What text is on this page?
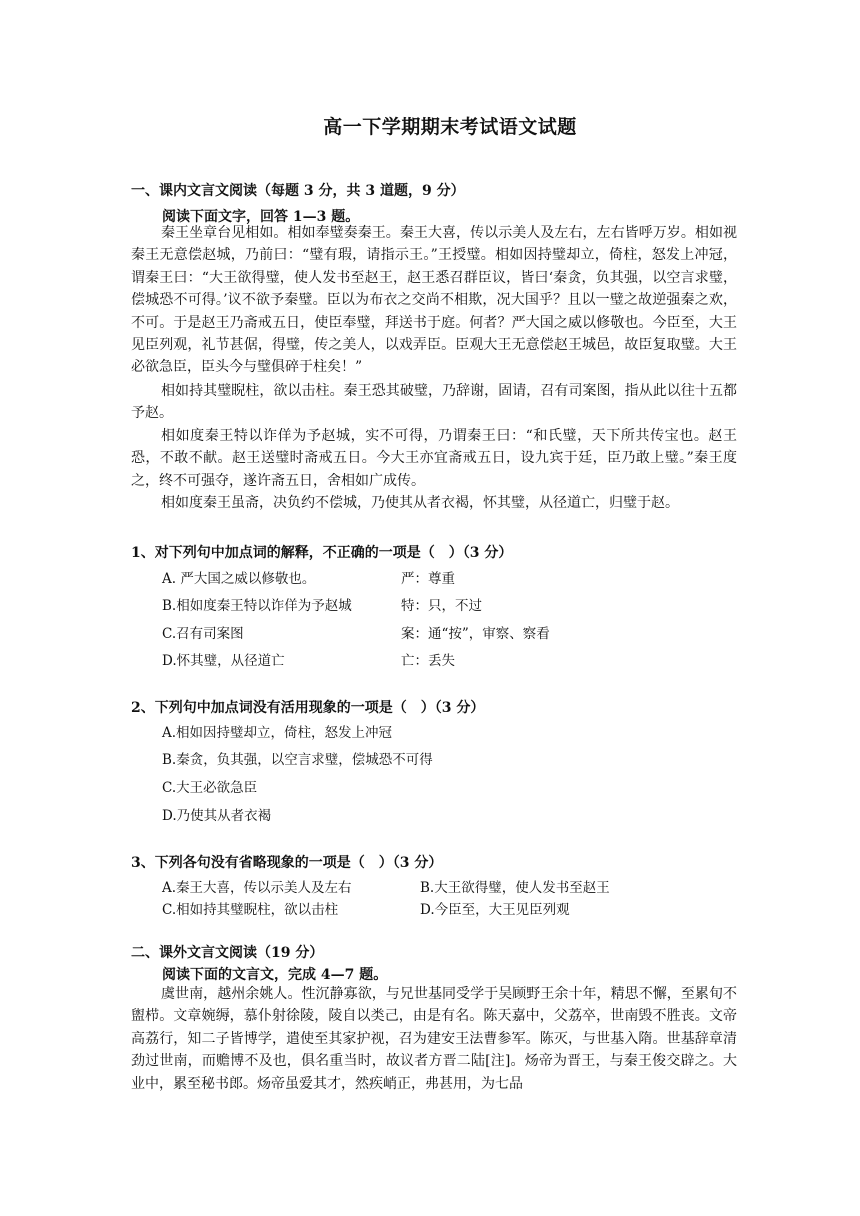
高一下学期期末考试语文试题
一、课内文言文阅读（每题 3 分，共 3 道题，9 分）
阅读下面文字，回答 1—3 题。

秦王坐章台见相如。相如奉璧奏秦王。秦王大喜，传以示美人及左右，左右皆呼万岁。相如视秦王无意偿赵城，乃前曰：“璧有瑕，请指示王。”王授璧。相如因持璧却立，倚柱，怒发上冲冠，谓秦王曰：“大王欲得璧，使人发书至赵王，赵王悉召群臣议，皆曰‘秦贪，负其强，以空言求璧，偿城恐不可得。’议不欲予秦璧。臣以为布衣之交尚不相欺，况大国乎？且以一璧之故逆强秦之欢，不可。于是赵王乃斋戒五日，使臣奉璧，拜送书于庭。何者？严大国之威以修敬也。今臣至，大王见臣列观，礼节甚倨，得璧，传之美人，以戏弄臣。臣观大王无意偿赵王城邑，故臣复取璧。大王必欲急臣，臣头今与璧俱碎于柱矣！”

相如持其璧睨柱，欲以击柱。秦王恐其破璧，乃辞谢，固请，召有司案图，指从此以往十五都予赵。

相如度秦王特以诈佯为予赵城，实不可得，乃谓秦王曰：“和氏璧，天下所共传宝也。赵王恐，不敢不献。赵王送璧时斋戒五日。今大王亦宜斋戒五日，设九宾于廷，臣乃敢上璧。”秦王度之，终不可强夺，遂许斋五日，舍相如广成传。

相如度秦王虽斋，决负约不偿城，乃使其从者衣褐，怀其璧，从径道亡，归璧于赵。

1、对下列句中加点词的解释，不正确的一项是（　）（3 分）
A. 严大国之威以修敬也。	严：尊重
B.相如度秦王特以诈佯为予赵城	特：只，不过
C.召有司案图	案：通“按”，审察、察看
D.怀其璧，从径道亡	亡：丢失
2、下列句中加点词没有活用现象的一项是（　）（3 分）
A.相如因持璧却立，倚柱，怒发上冲冠
B.秦贪，负其强，以空言求璧，偿城恐不可得
C.大王必欲急臣
D.乃使其从者衣褐
3、下列各句没有省略现象的一项是（　）（3 分）
A.秦王大喜，传以示美人及左右	B.大王欲得璧，使人发书至赵王
C.相如持其璧睨柱，欲以击柱	D.今臣至，大王见臣列观
二、课外文言文阅读（19 分）
阅读下面的文言文，完成 4—7 题。

虞世南，越州余姚人。性沉静寡欲，与兄世基同受学于吴顾野王余十年，精思不懈，至累旬不盥栉。文章婉缛，慕仆射徐陵，陵自以类己，由是有名。陈天嘉中，父荔卒，世南毁不胜丧。文帝高荔行，知二子皆博学，遣使至其家护视，召为建安王法曹参军。陈灭，与世基入隋。世基辞章清劲过世南，而赡博不及也，俱名重当时，故议者方晋二陆[注]。炀帝为晋王，与秦王俊交辟之。大业中，累至秘书郎。炀帝虽爱其才，然疾峭正，弗甚用，为七品
